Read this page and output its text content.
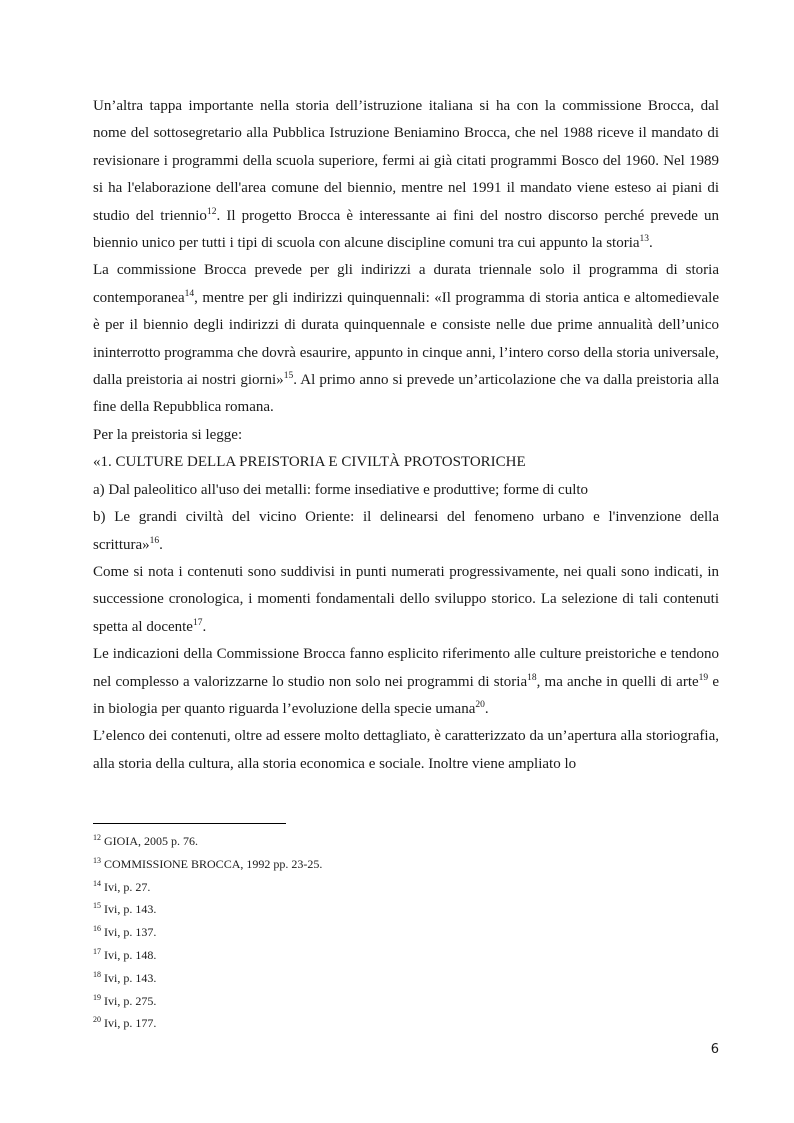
Un’altra tappa importante nella storia dell’istruzione italiana si ha con la commissione Brocca, dal nome del sottosegretario alla Pubblica Istruzione Beniamino Brocca, che nel 1988 riceve il mandato di revisionare i programmi della scuola superiore, fermi ai già citati programmi Bosco del 1960. Nel 1989 si ha l'elaborazione dell'area comune del biennio, mentre nel 1991 il mandato viene esteso ai piani di studio del triennio$^{12}$. Il progetto Brocca è interessante ai fini del nostro discorso perché prevede un biennio unico per tutti i tipi di scuola con alcune discipline comuni tra cui appunto la storia$^{13}$.

La commissione Brocca prevede per gli indirizzi a durata triennale solo il programma di storia contemporanea$^{14}$, mentre per gli indirizzi quinquennali: «Il programma di storia antica e altomedievale è per il biennio degli indirizzi di durata quinquennale e consiste nelle due prime annualità dell’unico ininterrotto programma che dovrà esaurire, appunto in cinque anni, l’intero corso della storia universale, dalla preistoria ai nostri giorni»$^{15}$. Al primo anno si prevede un’articolazione che va dalla preistoria alla fine della Repubblica romana.

Per la preistoria si legge:

«1. CULTURE DELLA PREISTORIA E CIVILTÀ PROTOSTORICHE

a) Dal paleolitico all'uso dei metalli: forme insediative e produttive; forme di culto

b) Le grandi civiltà del vicino Oriente: il delinearsi del fenomeno urbano e l'invenzione della scrittura»$^{16}$.

Come si nota i contenuti sono suddivisi in punti numerati progressivamente, nei quali sono indicati, in successione cronologica, i momenti fondamentali dello sviluppo storico. La selezione di tali contenuti spetta al docente$^{17}$.

Le indicazioni della Commissione Brocca fanno esplicito riferimento alle culture preistoriche e tendono nel complesso a valorizzarne lo studio non solo nei programmi di storia$^{18}$, ma anche in quelli di arte$^{19}$ e in biologia per quanto riguarda l’evoluzione della specie umana$^{20}$.

L’elenco dei contenuti, oltre ad essere molto dettagliato, è caratterizzato da un’apertura alla storiografia, alla storia della cultura, alla storia economica e sociale. Inoltre viene ampliato lo

$^{12}$ GIOIA, 2005 p. 76.
$^{13}$ COMMISSIONE BROCCA, 1992 pp. 23-25.
$^{14}$ Ivi, p. 27.
$^{15}$ Ivi, p. 143.
$^{16}$ Ivi, p. 137.
$^{17}$ Ivi, p. 148.
$^{18}$ Ivi, p. 143.
$^{19}$ Ivi, p. 275.
$^{20}$ Ivi, p. 177.
6
